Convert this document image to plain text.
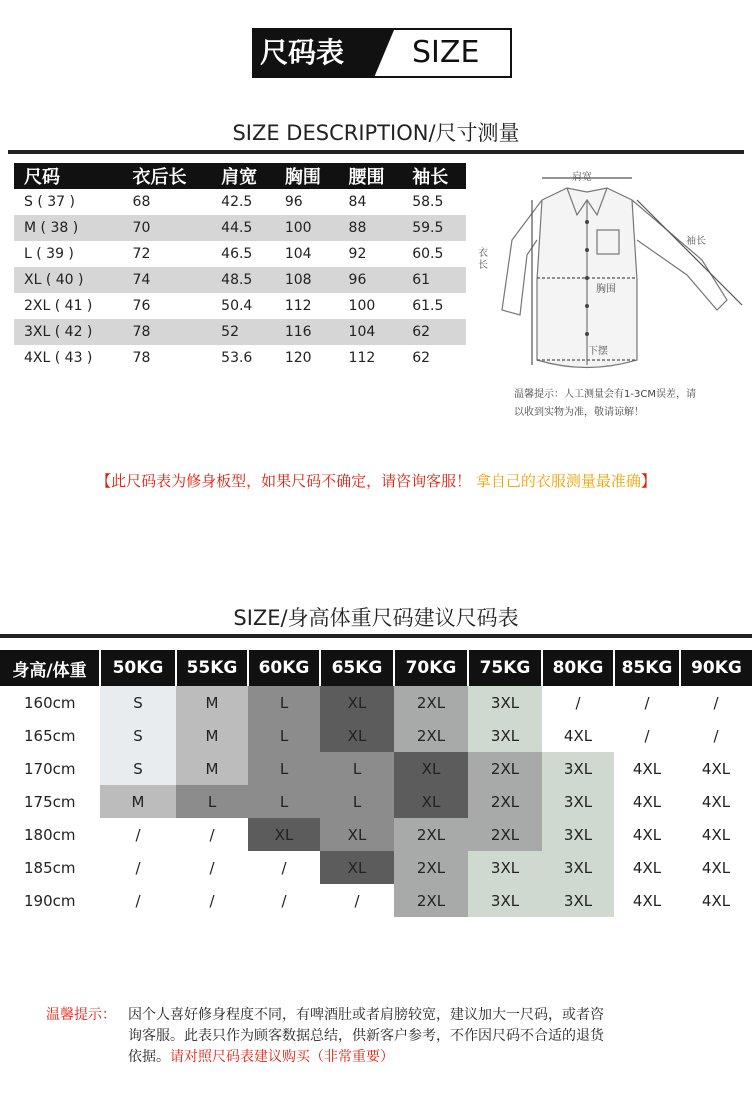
尺码表 SIZE
SIZE DESCRIPTION/尺寸测量
尺码	衣后长	肩宽	胸围	腰围	袖长
S ( 37 )	68	42.5	96	84	58.5
M ( 38 )	70	44.5	100	88	59.5
L ( 39 )	72	46.5	104	92	60.5
XL ( 40 )	74	48.5	108	96	61
2XL ( 41 )	76	50.4	112	100	61.5
3XL ( 42 )	78	52	116	104	62
4XL ( 43 )	78	53.6	120	112	62
肩宽
袖长
衣长
胸围
下摆
温馨提示：人工测量会有1-3CM误差，请
以收到实物为准，敬请谅解！
【此尺码表为修身板型，如果尺码不确定，请咨询客服！ 拿自己的衣服测量最准确】
SIZE/身高体重尺码建议尺码表
身高/体重	50KG	55KG	60KG	65KG	70KG	75KG	80KG	85KG	90KG
160cm	S	M	L	XL	2XL	3XL	/	/	/
165cm	S	M	L	XL	2XL	3XL	4XL	/	/
170cm	S	M	L	L	XL	2XL	3XL	4XL	4XL
175cm	M	L	L	L	XL	2XL	3XL	4XL	4XL
180cm	/	/	XL	XL	2XL	2XL	3XL	4XL	4XL
185cm	/	/	/	XL	2XL	3XL	3XL	4XL	4XL
190cm	/	/	/	/	2XL	3XL	3XL	4XL	4XL
温馨提示： 因个人喜好修身程度不同，有啤酒肚或者肩膀较宽，建议加大一尺码，或者咨
询客服。此表只作为顾客数据总结，供新客户参考，不作因尺码不合适的退货
依据。请对照尺码表建议购买（非常重要）
